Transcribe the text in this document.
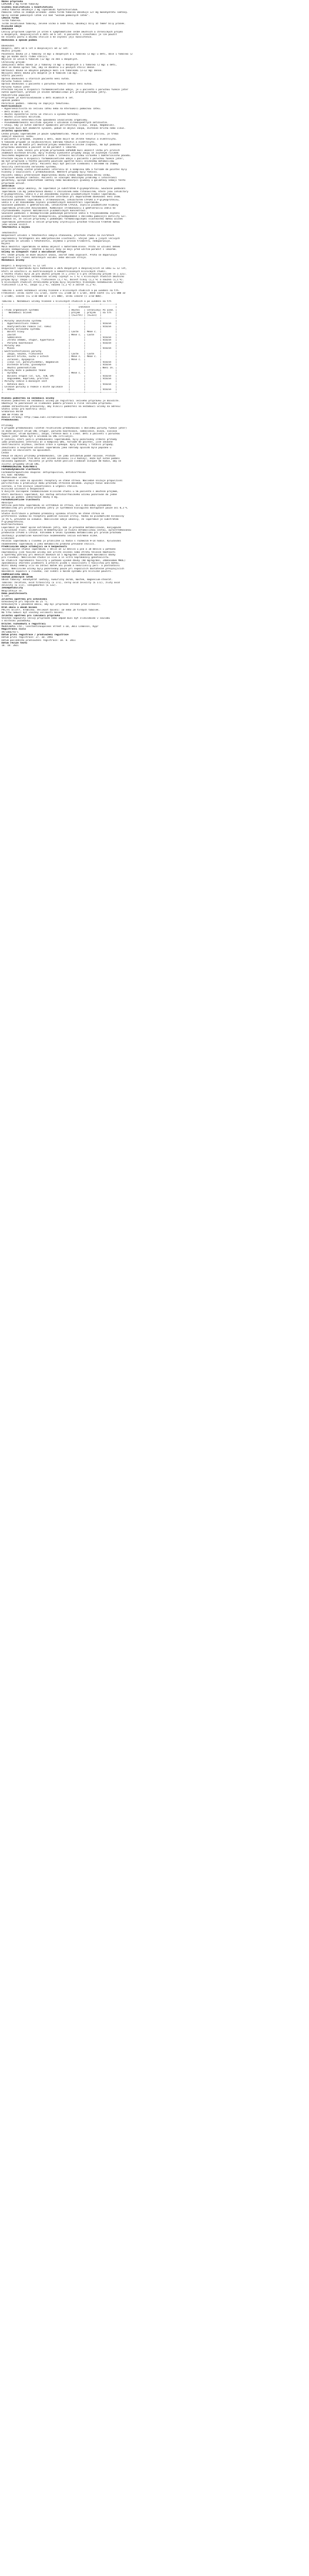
Název přípravku
LOPERON 2 mg tvrdé tobolky
Složení kvalitativní i kvantitativní
Jedna tobolka obsahuje 2 mg loperamidi hydrochloridum.
Pomocná látka se známým účinkem: Jedna tvrdá tobolka obsahuje 127 mg monohydrátu laktózy.
Úplný seznam pomocných látek viz bod "Seznam pomocných látek".
Léková forma
Tvrdá tobolka.
Tvrdé želatinové tobolky, zelené víčko a šedé tělo, obsahují bílý až téměř bílý prášek.
Klinické údaje
Indikace
Léčivý přípravek Loperon je určen k symptomatické léčbě akutních a chronických průjmů
u dospělých, dospívajících a dětí od 6 let. U pacientů s ileostomií je lze použít
ke snížení počtu a objemu stolice a ke zvýšení její konzistence.
Dávkování a způsob podání
Dávkování
Dospělí, děti od 6 let a dospívající od 12 let:
Akutní průjem:
Počáteční dávka je 2 tobolky (4 mg) u dospělých a 1 tobolka (2 mg) u dětí, dále 1 tobolka (2
mg) po každé další řídké stolici.
Nejvíce se užívá 6 tobolek (12 mg) za den u dospělých.
Chronický průjem:
Zahajovací denní dávka je 2 tobolky (4 mg) u dospělých a 1 tobolka (2 mg) u dětí,
dále se dávka upraví tak, aby se dosáhlo 1–2 pevných stolic denně.
Udržovací dávka se obvykle pohybuje mezi 1–6 tobolkami (2–12 mg) denně.
Nejvyšší denní dávka pro dospělé je 8 tobolek (16 mg).
Starší pacienti
Úprava dávkování u starších pacientů není nutná.
Porucha funkce ledvin
Úprava dávkování u pacientů s poruchou funkce ledvin není nutná.
Porucha funkce jater
Přestože nejsou k dispozici farmakokinetické údaje, je u pacientů s poruchou funkce jater
nutná opatrnost, protože je snížen metabolismus při prvním průchodu játry.
Pediatrická populace
Přípravek je kontraindikován u dětí mladších 6 let.
Způsob podání
Perorální podání. Tobolky se zapíjejí tekutinou.
Kontraindikace
– Hypersenzitivita na léčivou látku nebo na kteroukoli pomocnou látku.
– Děti mladší 6 let.
– Akutní dyzentérie (krev ve stolici a vysoká horečka).
– Akutní ulcerózní kolitida.
– Bakteriální enterokolitida způsobená invazivními organismy.
– Pseudomembranózní kolitida spojená s užíváním širokospektrých antibiotik.
– Stavy, kdy je nutné zabránit zpomalení peristaltiky (ileus, zácpa, megakolon).
Přípravek musí být okamžitě vysazen, pokud se objeví zácpa, distenze břicha nebo ileus.
Zvláštní upozornění
Léčba průjmu loperamidem je pouze symptomatická. Pokud lze určit příčinu, je třeba
zahájit kauzální léčbu.
U pacientů s průjmem, zejména u dětí, může dojít ke ztrátě tekutin a elektrolytů.
V takovém případě je nejdůležitější náhrada tekutin a elektrolytů.
Pokud se do 48 hodin při akutním průjmu nedostaví klinické zlepšení, má být podávání
přípravku ukončeno a pacient se má poradit s lékařem.
Pacienti s AIDS léčení pro průjem přípravkem LOPERON musí ukončit léčbu při prvních
známkách distenze břicha. Byly hlášeny ojedinělé případy zácpy se zvýšeným rizikem
toxického megakolon u pacientů s AIDS s infekční kolitidou virového i bakteriálního původu.
Přestože nejsou k dispozici farmakokinetické údaje u pacientů s poruchou funkce jater,
má být přípravek u těchto pacientů používán opatrně kvůli sníženému metabolismu
při prvním průchodu játry. Pacienti mají být pečlivě sledováni s ohledem na známky
toxicity centrálního nervového systému.
Srdeční příhody včetně prodloužení intervalu QT a komplexu QRS a torsade de pointes byly
hlášeny v souvislosti s předávkováním. Některé případy byly fatální.
Pacienti nemají překračovat doporučenou dávku a/nebo doporučenou délku léčby.
Přípravek obsahuje laktózu. Pacienti se vzácnými dědičnými problémy s intolerancí
galaktózy, úplným nedostatkem laktázy nebo malabsorpcí glukózy a galaktózy nemají tento
přípravek užívat.
Interakce
Neklinické údaje ukázaly, že loperamid je substrátem P-glykoproteinu. Současné podávání
loperamidu (16 mg jednorázová dávka) s chinidinem nebo ritonavirem, které jsou inhibitory
P-glykoproteinu, vedlo k 2 až 3násobnému zvýšení plazmatických hladin loperamidu.
Klinický význam této farmakokinetické interakce při doporučeném dávkování není znám.
Současné podávání loperamidu s itrakonazolem, inhibitorem CYP3A4 a P-glykoproteinu,
vedlo k 3 až 4násobnému zvýšení plazmatických koncentrací loperamidu.
Současné podávání s gemfibrozilem, inhibitorem CYP2C8, zvýšilo plazmatické hladiny
loperamidu přibližně dvojnásobně. Kombinace itrakonazolu a gemfibrozilu vedla ke
čtyřnásobnému zvýšení maximálních plazmatických koncentrací.
Současné podávání s desmopresinem podávaným perorálně vedlo k trojnásobnému zvýšení
plazmatických koncentrací desmopresinu, pravděpodobně v důsledku pomalejší motility GIT.
Očekává se, že léčivé přípravky s podobnými farmakologickými vlastnostmi mohou účinek
loperamidu potencovat a léčivé přípravky urychlující průchod trávicím traktem mohou
jeho účinek snížit.
Těhotenství a kojení
Těhotenství
Bezpečnost užívání v těhotenství nebyla stanovena, přestože studie na zvířatech
neprokázaly teratogenní ani embryotoxické vlastnosti. Stejně jako u jiných léčivých
přípravků se užívání v těhotenství, zejména v prvním trimestru, nedoporučuje.
Kojení
Malá množství loperamidu se mohou objevit v mateřském mléce. Proto se užívání během
kojení nedoporučuje. Těhotné a kojící ženy se mají před užitím poradit s lékařem.
Účinky na schopnost řídit a obsluhovat stroje
Při léčbě průjmu se může objevit únava, závrať nebo ospalost. Proto se doporučuje
opatrnost při řízení motorových vozidel nebo obsluze strojů.
Nežádoucí účinky
Dospělí a dospívající >= 12 let
Bezpečnost loperamidu byla hodnocena u 3076 dospělých a dospívajících ve věku >= 12 let,
kteří se účastnili 31 kontrolovaných a nekontrolovaných klinických studií.
Z těchto studií bylo 26 pro akutní průjem (n = 2755) a 5 pro chronický průjem (n = 321).
Nejčastěji hlášenými nežádoucími účinky (výskyt >= 1 %) v klinických studiích akutního
průjmu byly: zácpa (2,7 %), flatulence (1,7 %), bolest hlavy (1,2 %) a nauzea (1,1 %).
V klinických studiích chronického průjmu byly nejčastěji hlášenými nežádoucími účinky:
flatulence (2,8 %), zácpa (2,2 %), nauzea (1,2 %) a závrať (1,2 %).
Tabulka 1 uvádí nežádoucí účinky hlášené v klinických studiích a po uvedení na trh.
Frekvence: velmi časté (>= 1/10), časté (>= 1/100 až < 1/10), méně časté (>= 1/1 000 až
< 1/100), vzácné (>= 1/10 000 až < 1/1 000), velmi vzácné (< 1/10 000).
Tabulka 1  Nežádoucí účinky hlášené v klinických studiích a po uvedení na trh
+----------------------------------------------+----------+----------+----------+
|                                              |      Indikace                  |
| Třída orgánových systémů                     | Akutní   | Chronický| Po uved. |
|    Nežádoucí účinek                          | průjem   | průjem   | na trh   |
|                                              | (n=2755) | (n=321)  |          |
+----------------------------------------------+----------+----------+----------+
| Poruchy imunitního systému                   |          |          |          |
|   Hypersenzitivní reakce                     |          |          | Vzácné   |
|   Anafylaktická reakce (vč. šoku)            |          |          | Vzácné   |
| Poruchy nervového systému                    |          |          |          |
|   Bolest hlavy                               | Časté    | Méně č.  |          |
|   Závrať                                     | Méně č.  | Časté    |          |
|   Somnolence                                 |          |          | Vzácné   |
|   Ztráta vědomí, stupor, hypertonie          |          |          | Vzácné   |
|   Porucha koordinace                         |          |          | Vzácné   |
| Poruchy oka                                  |          |          |          |
|   Mióza                                      |          |          | Vzácné   |
| Gastrointestinální poruchy                   |          |          |          |
|   Zácpa, nauzea, flatulence                  | Časté    | Časté    |          |
|   Bolest břicha, sucho v ústech              | Méně č.  | Méně č.  |          |
|   Zvracení, dyspepsie                        | Méně č.  |          |          |
|   Ileus (vč. paralytického), megakolon       |          |          | Vzácné   |
|   Distenze břicha, glosodynie                |          |          | Vzácné   |
|   Akutní pankreatitida                       |          |          | Není zn. |
| Poruchy kůže a podkožní tkáně                |          |          |          |
|   Vyrážka                                    | Méně č.  |          |          |
|   Bulózní erupce (vč. SJS, TEN, EM)          |          |          | Vzácné   |
|   Angioedém, kopřivka, pruritus              |          |          | Vzácné   |
| Poruchy ledvin a močových cest               |          |          |          |
|   Retence moči                               |          |          | Vzácné   |
| Celkové poruchy a reakce v místě aplikace    |          |          |          |
|   Únava                                      |          |          | Vzácné   |
+----------------------------------------------+----------+----------+----------+
Hlášení podezření na nežádoucí účinky
Hlášení podezření na nežádoucí účinky po registraci léčivého přípravku je důležité.
Umožňuje to pokračovat ve sledování poměru přínosů a rizik léčivého přípravku.
Žádáme zdravotnické pracovníky, aby hlásili podezření na nežádoucí účinky na adresu:
Státní ústav pro kontrolu léčiv
Šrobárova 49/48
100 00 Praha 10
Webové stránky: http://www.sukl.cz/nahlasit-nezadouci-ucinek
Předávkování
Příznaky
V případě předávkování (včetně relativního předávkování v důsledku poruchy funkce jater)
se může objevit útlum CNS (stupor, porucha koordinace, somnolence, mióza, svalová
hypertonie, útlum dýchání), zácpa, retence moči a ileus. Děti a pacienti s poruchou
funkce jater mohou být k účinkům na CNS citlivější.
U jedinců, kteří požili předávkování loperamidem, byly pozorovány srdeční příhody
jako prodloužení intervalu QT a komplexu QRS, torsade de pointes, jiné závažné
ventrikulární arytmie, zástava srdce a synkopa. Byly hlášeny i fatální případy.
Zneužívání a nesprávné užívání loperamidu jako náhrady opioidů bylo popsáno u
jedinců se závislostí na opioidech.
Léčba
Pokud se objeví příznaky předávkování, lze jako antidotum podat naloxon. Protože
účinek loperamidu trvá déle než účinek naloxonu (1–3 hodiny), může být nutné podání
naloxonu opakovat. Pacienta je proto nutné pečlivě sledovat alespoň 48 hodin, aby se
zjistil případný útlum CNS.
FARMAKOLOGICKÉ VLASTNOSTI
Farmakodynamické vlastnosti
Farmakoterapeutická skupina: antipropulziva, antidiarrhoika
ATC kód: A07DA03
Mechanismus účinku
Loperamid se váže na opioidní receptory ve stěně střeva. Následně snižuje propulzivní
peristaltiku a prodlužuje dobu průchodu střevním obsahem. Zvyšuje tonus análního
svěrače, a tím snižuje inkontinenci a urgenci stolice.
Klinická účinnost a bezpečnost
V dvojitě zaslepené randomizované klinické studii u 56 pacientů s akutním průjmem,
kteří dostávali loperamid, byl nástup antidiarrhoického účinku pozorován do jedné
hodiny po podání jednorázové dávky 4 mg.
Farmakokinetické vlastnosti
Absorpce
Většina požitého loperamidu se vstřebává ze střeva, ale v důsledku významného
metabolismu při prvním průchodu játry je systémová biologická dostupnost pouze asi 0,3 %.
Distribuce
Studie distribuce u potkanů prokázaly vysokou afinitu ke stěně střeva se
preferenční vazbou na receptory podélné svalové vrstvy. Vazba na plazmatické bílkoviny
je 95 %, převážně na albumin. Neklinické údaje ukázaly, že loperamid je substrátem
P-glykoproteinu.
Biotransformace
Loperamid je téměř úplně extrahován játry, kde je převážně metabolizován, konjugován
a vylučován žlučí. Oxidativní N-demethylace je hlavní metabolickou cestou, zprostředkovanou
především CYP3A4 a CYP2C8. Vzhledem k velmi vysokému metabolismu při prvním průchodu
zůstávají plazmatické koncentrace nezměněného léčiva extrémně nízké.
Eliminace
Poločas loperamidu u člověka je přibližně 11 hodin s rozmezím 9–14 hodin. Vylučování
nezměněného loperamidu a jeho metabolitů probíhá převážně stolicí.
Předklinické údaje vztahující se k bezpečnosti
Toxikologické studie loperamidu v délce až 12 měsíců u psů a 18 měsíců u potkanů
neprokázaly jiné toxické účinky než určité snížení nebo ztrátu tělesné hmotnosti
a spotřeby potravy při denních dávkách až 5 mg/kg/den (30násobek maximální dávky
pro člověka). Neklinické studie in vivo a in vitro neprokázaly genotoxicitu.
Ve studiích reprodukční toxicity u potkanů vysoké dávky (40 mg/kg/den, 240násobek MHUL)
způsobovaly zhoršení plodnosti a přežití plodů v souvislosti s toxicitou pro matku.
Nižší dávky neměly vliv na zdraví matek ani plodů a neovlivnily peri- a postnatální
vývoj. Neklinické účinky byly pozorovány pouze při expozicích dostatečně převyšujících
maximální expozici u člověka, což svědčí o malém významu pro klinické použití.
FARMACEUTICKÉ ÚDAJE
Seznam pomocných látek
Obsah tobolky: monohydrát laktózy, kukuřičný škrob, mastek, magnesium-stearát.
Tobolka: želatina, oxid titaničitý (E 171), černý oxid železitý (E 172), žlutý oxid
železitý (E 172), indigokarmín (E 132).
Inkompatibility
Neuplatňuje se.
Doba použitelnosti
5 let.
Zvláštní opatření pro uchovávání
Uchovávejte při teplotě do 25 °C.
Uchovávejte v původním obalu, aby byl přípravek chráněn před vlhkostí.
Druh obalu a obsah balení
PVC/Al blistr, krabička. Velikost balení: 10 nebo 20 tvrdých tobolek.
Na trhu nemusí být všechny velikosti balení.
Zvláštní opatření pro likvidaci přípravku
Všechen nepoužitý léčivý přípravek nebo odpad musí být zlikvidován v souladu
s místními požadavky.
Držitel rozhodnutí o registraci
MEDOCHEMIE Ltd., Constantinoupoleos Street 1-10, 3011 Limassol, Kypr
Registrační číslo
49/1066/93-C
Datum první registrace / prodloužení registrace
Datum první registrace: 27. 10. 1993
Datum posledního prodloužení registrace: 10. 8. 2011
Datum revize textu
18. 10. 2021
